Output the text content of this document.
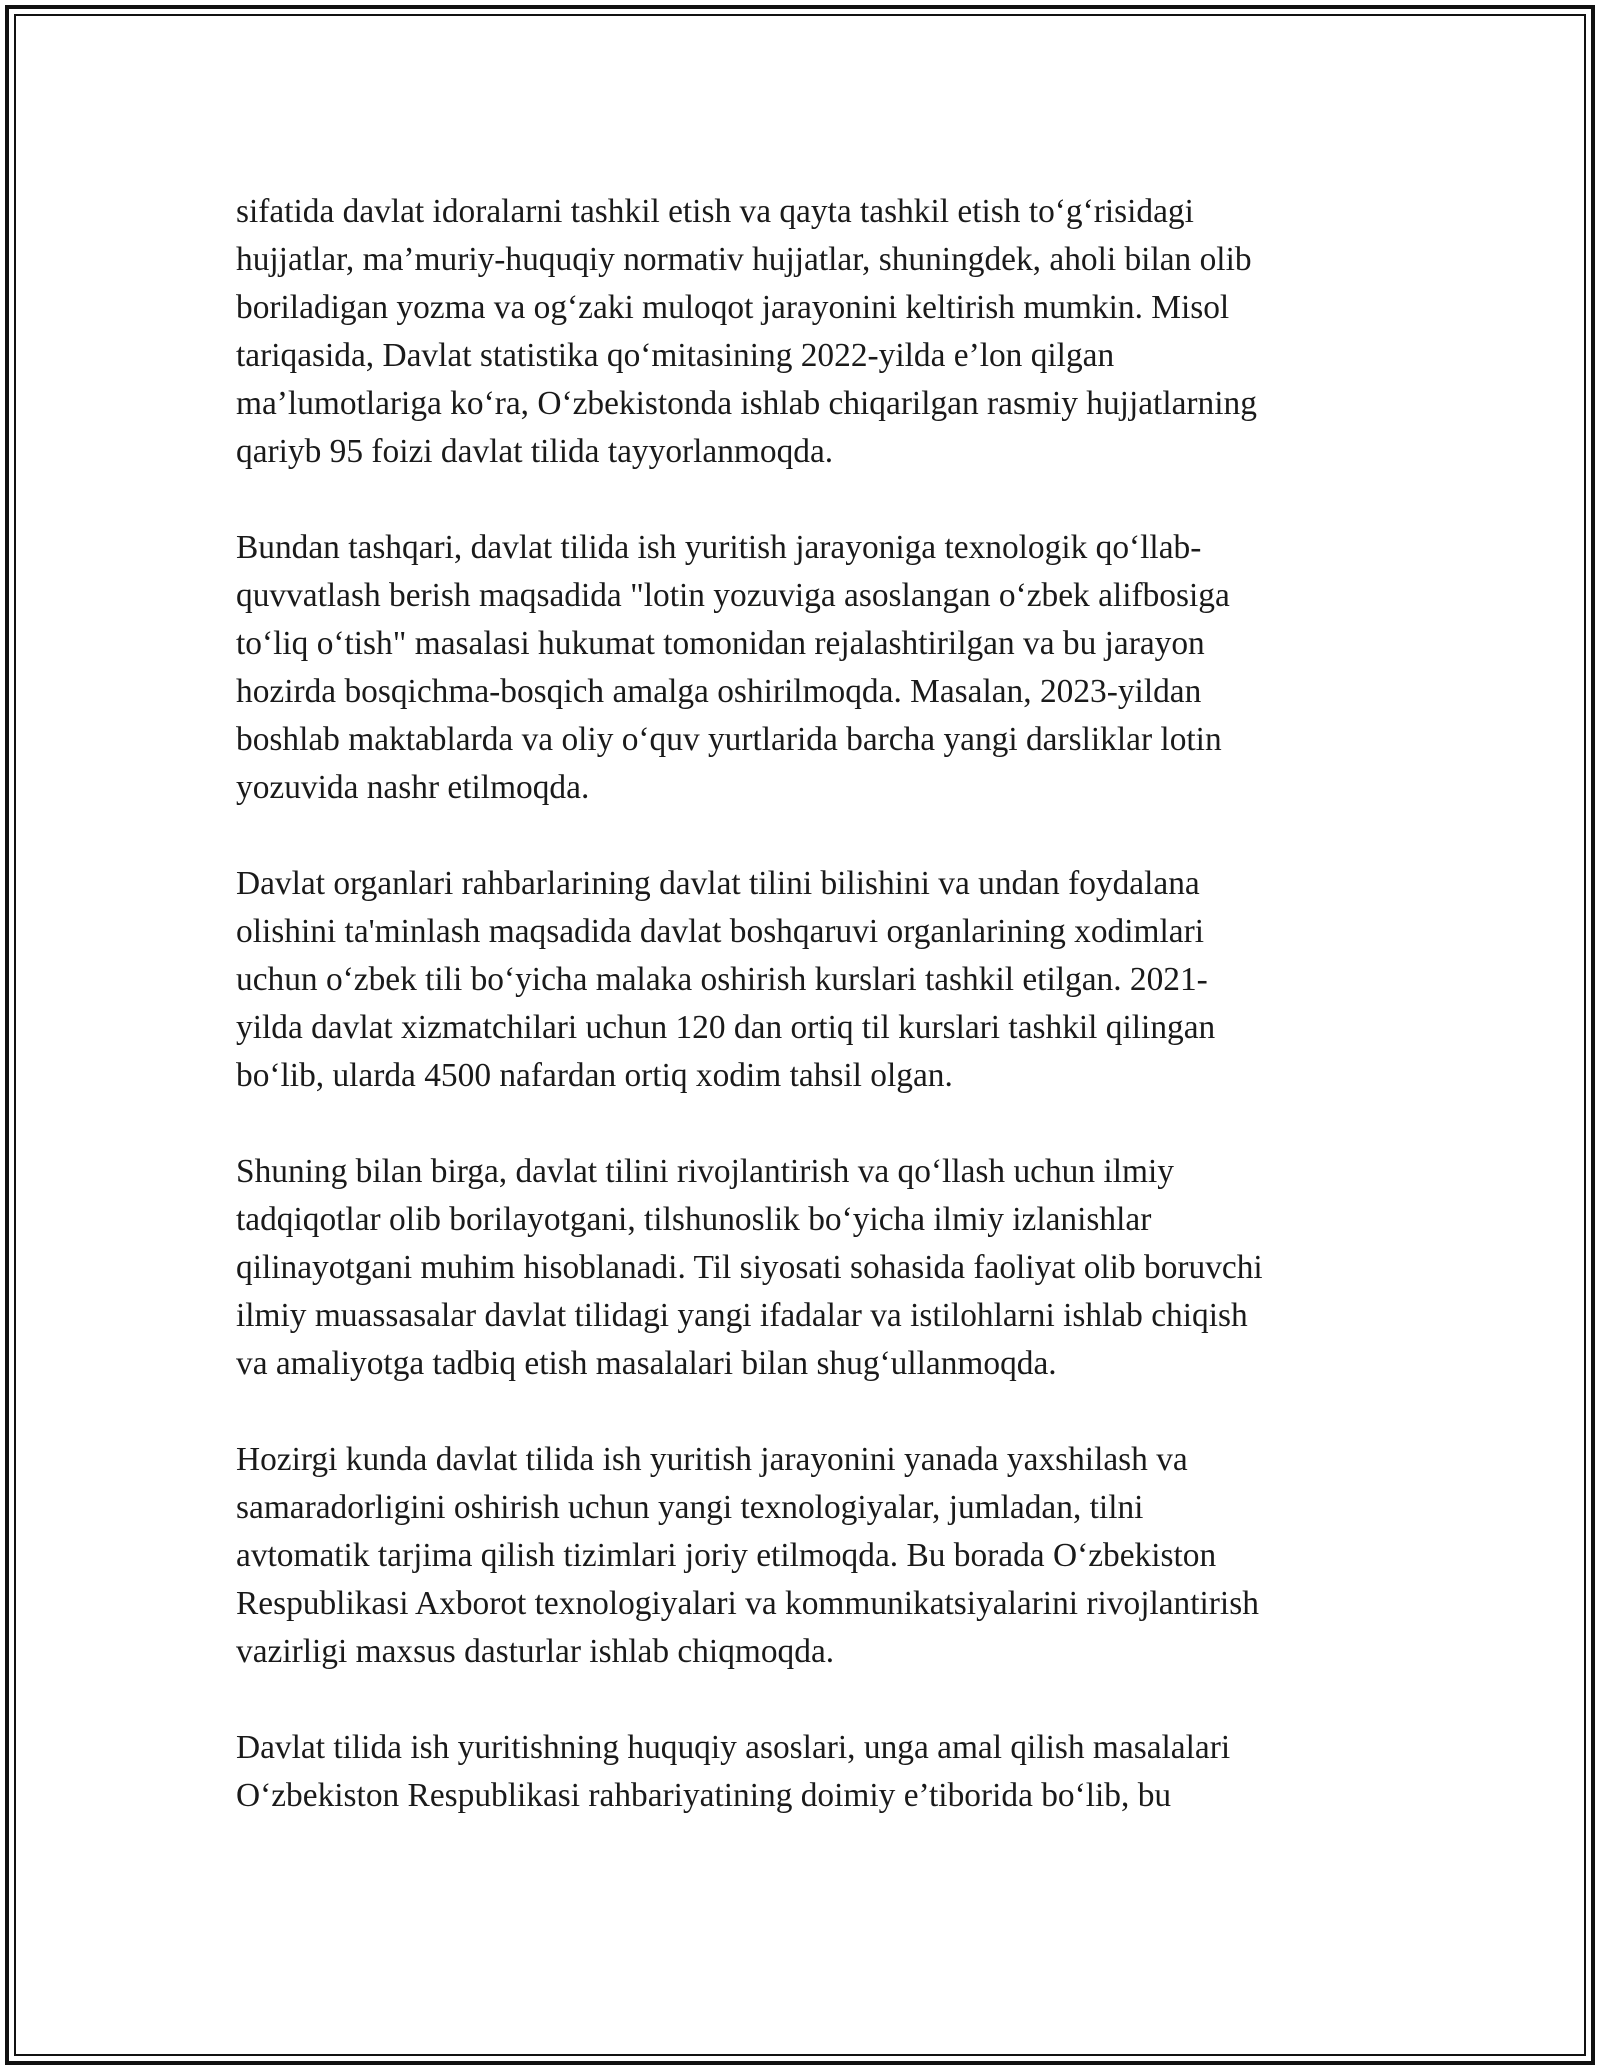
sifatida davlat idoralarni tashkil etish va qayta tashkil etish to‘g‘risidagi
hujjatlar, ma’muriy-huquqiy normativ hujjatlar, shuningdek, aholi bilan olib
boriladigan yozma va og‘zaki muloqot jarayonini keltirish mumkin. Misol
tariqasida, Davlat statistika qo‘mitasining 2022-yilda e’lon qilgan
ma’lumotlariga ko‘ra, O‘zbekistonda ishlab chiqarilgan rasmiy hujjatlarning
qariyb 95 foizi davlat tilida tayyorlanmoqda.

Bundan tashqari, davlat tilida ish yuritish jarayoniga texnologik qo‘llab-
quvvatlash berish maqsadida "lotin yozuviga asoslangan o‘zbek alifbosiga
to‘liq o‘tish" masalasi hukumat tomonidan rejalashtirilgan va bu jarayon
hozirda bosqichma-bosqich amalga oshirilmoqda. Masalan, 2023-yildan
boshlab maktablarda va oliy o‘quv yurtlarida barcha yangi darsliklar lotin
yozuvida nashr etilmoqda.

Davlat organlari rahbarlarining davlat tilini bilishini va undan foydalana
olishini ta'minlash maqsadida davlat boshqaruvi organlarining xodimlari
uchun o‘zbek tili bo‘yicha malaka oshirish kurslari tashkil etilgan. 2021-
yilda davlat xizmatchilari uchun 120 dan ortiq til kurslari tashkil qilingan
bo‘lib, ularda 4500 nafardan ortiq xodim tahsil olgan.

Shuning bilan birga, davlat tilini rivojlantirish va qo‘llash uchun ilmiy
tadqiqotlar olib borilayotgani, tilshunoslik bo‘yicha ilmiy izlanishlar
qilinayotgani muhim hisoblanadi. Til siyosati sohasida faoliyat olib boruvchi
ilmiy muassasalar davlat tilidagi yangi ifadalar va istilohlarni ishlab chiqish
va amaliyotga tadbiq etish masalalari bilan shug‘ullanmoqda.

Hozirgi kunda davlat tilida ish yuritish jarayonini yanada yaxshilash va
samaradorligini oshirish uchun yangi texnologiyalar, jumladan, tilni
avtomatik tarjima qilish tizimlari joriy etilmoqda. Bu borada O‘zbekiston
Respublikasi Axborot texnologiyalari va kommunikatsiyalarini rivojlantirish
vazirligi maxsus dasturlar ishlab chiqmoqda.

Davlat tilida ish yuritishning huquqiy asoslari, unga amal qilish masalalari
O‘zbekiston Respublikasi rahbariyatining doimiy e’tiborida bo‘lib, bu
